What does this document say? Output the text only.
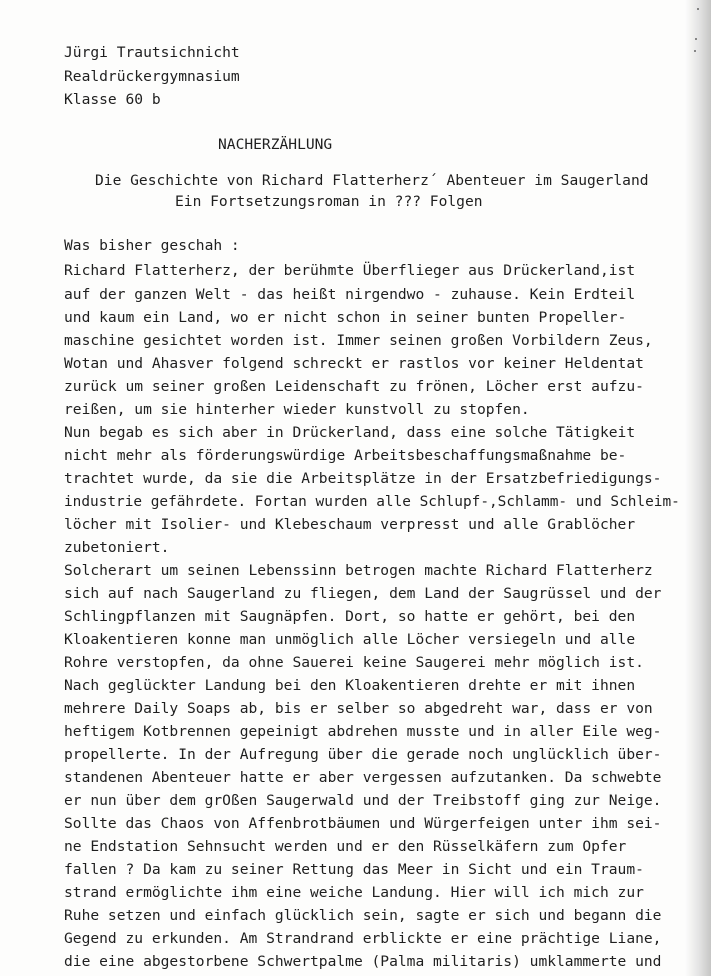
Jürgi Trautsichnicht
Realdrückergymnasium
Klasse 60 b
NACHERZÄHLUNG
Die Geschichte von Richard Flatterherz´ Abenteuer im Saugerland
Ein Fortsetzungsroman in ??? Folgen
Was bisher geschah :
Richard Flatterherz, der berühmte Überflieger aus Drückerland,ist
auf der ganzen Welt - das heißt nirgendwo - zuhause. Kein Erdteil
und kaum ein Land, wo er nicht schon in seiner bunten Propeller-
maschine gesichtet worden ist. Immer seinen großen Vorbildern Zeus,
Wotan und Ahasver folgend schreckt er rastlos vor keiner Heldentat
zurück um seiner großen Leidenschaft zu frönen, Löcher erst aufzu-
reißen, um sie hinterher wieder kunstvoll zu stopfen.
Nun begab es sich aber in Drückerland, dass eine solche Tätigkeit
nicht mehr als förderungswürdige Arbeitsbeschaffungsmaßnahme be-
trachtet wurde, da sie die Arbeitsplätze in der Ersatzbefriedigungs-
industrie gefährdete. Fortan wurden alle Schlupf-,Schlamm- und Schleim-
löcher mit Isolier- und Klebeschaum verpresst und alle Grablöcher
zubetoniert.
Solcherart um seinen Lebenssinn betrogen machte Richard Flatterherz
sich auf nach Saugerland zu fliegen, dem Land der Saugrüssel und der
Schlingpflanzen mit Saugnäpfen. Dort, so hatte er gehört, bei den
Kloakentieren konne man unmöglich alle Löcher versiegeln und alle
Rohre verstopfen, da ohne Sauerei keine Saugerei mehr möglich ist.
Nach geglückter Landung bei den Kloakentieren drehte er mit ihnen
mehrere Daily Soaps ab, bis er selber so abgedreht war, dass er von
heftigem Kotbrennen gepeinigt abdrehen musste und in aller Eile weg-
propellerte. In der Aufregung über die gerade noch unglücklich über-
standenen Abenteuer hatte er aber vergessen aufzutanken. Da schwebte
er nun über dem grOßen Saugerwald und der Treibstoff ging zur Neige.
Sollte das Chaos von Affenbrotbäumen und Würgerfeigen unter ihm sei-
ne Endstation Sehnsucht werden und er den Rüsselkäfern zum Opfer
fallen ? Da kam zu seiner Rettung das Meer in Sicht und ein Traum-
strand ermöglichte ihm eine weiche Landung. Hier will ich mich zur
Ruhe setzen und einfach glücklich sein, sagte er sich und begann die
Gegend zu erkunden. Am Strandrand erblickte er eine prächtige Liane,
die eine abgestorbene Schwertpalme (Palma militaris) umklammerte und
